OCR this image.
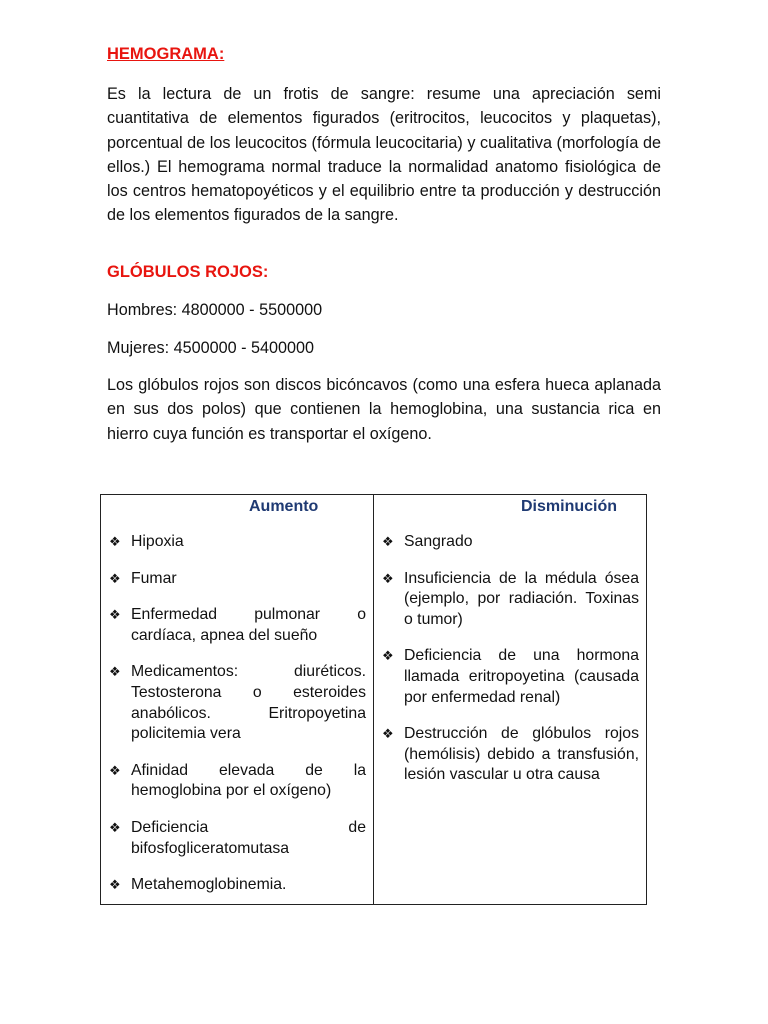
HEMOGRAMA:

Es la lectura de un frotis de sangre: resume una apreciación semi cuantitativa de elementos figurados (eritrocitos, leucocitos y plaquetas), porcentual de los leucocitos (fórmula leucocitaria) y cualitativa (morfología de ellos.) El hemograma normal traduce la normalidad anatomo fisiológica de los centros hematopoyéticos y el equilibrio entre ta producción y destrucción de los elementos figurados de la sangre.

GLÓBULOS ROJOS:

Hombres: 4800000 - 5500000

Mujeres: 4500000 - 5400000

Los glóbulos rojos son discos bicóncavos (como una esfera hueca aplanada en sus dos polos) que contienen la hemoglobina, una sustancia rica en hierro cuya función es transportar el oxígeno.

Aumento
❖ Hipoxia
❖ Fumar
❖ Enfermedad pulmonar o cardíaca, apnea del sueño
❖ Medicamentos: diuréticos. Testosterona o esteroides anabólicos. Eritropoyetina policitemia vera
❖ Afinidad elevada de la hemoglobina por el oxígeno)
❖ Deficiencia de bifosfogliceratomutasa
❖ Metahemoglobinemia.

Disminución
❖ Sangrado
❖ Insuficiencia de la médula ósea (ejemplo, por radiación. Toxinas o tumor)
❖ Deficiencia de una hormona llamada eritropoyetina (causada por enfermedad renal)
❖ Destrucción de glóbulos rojos (hemólisis) debido a transfusión, lesión vascular u otra causa
